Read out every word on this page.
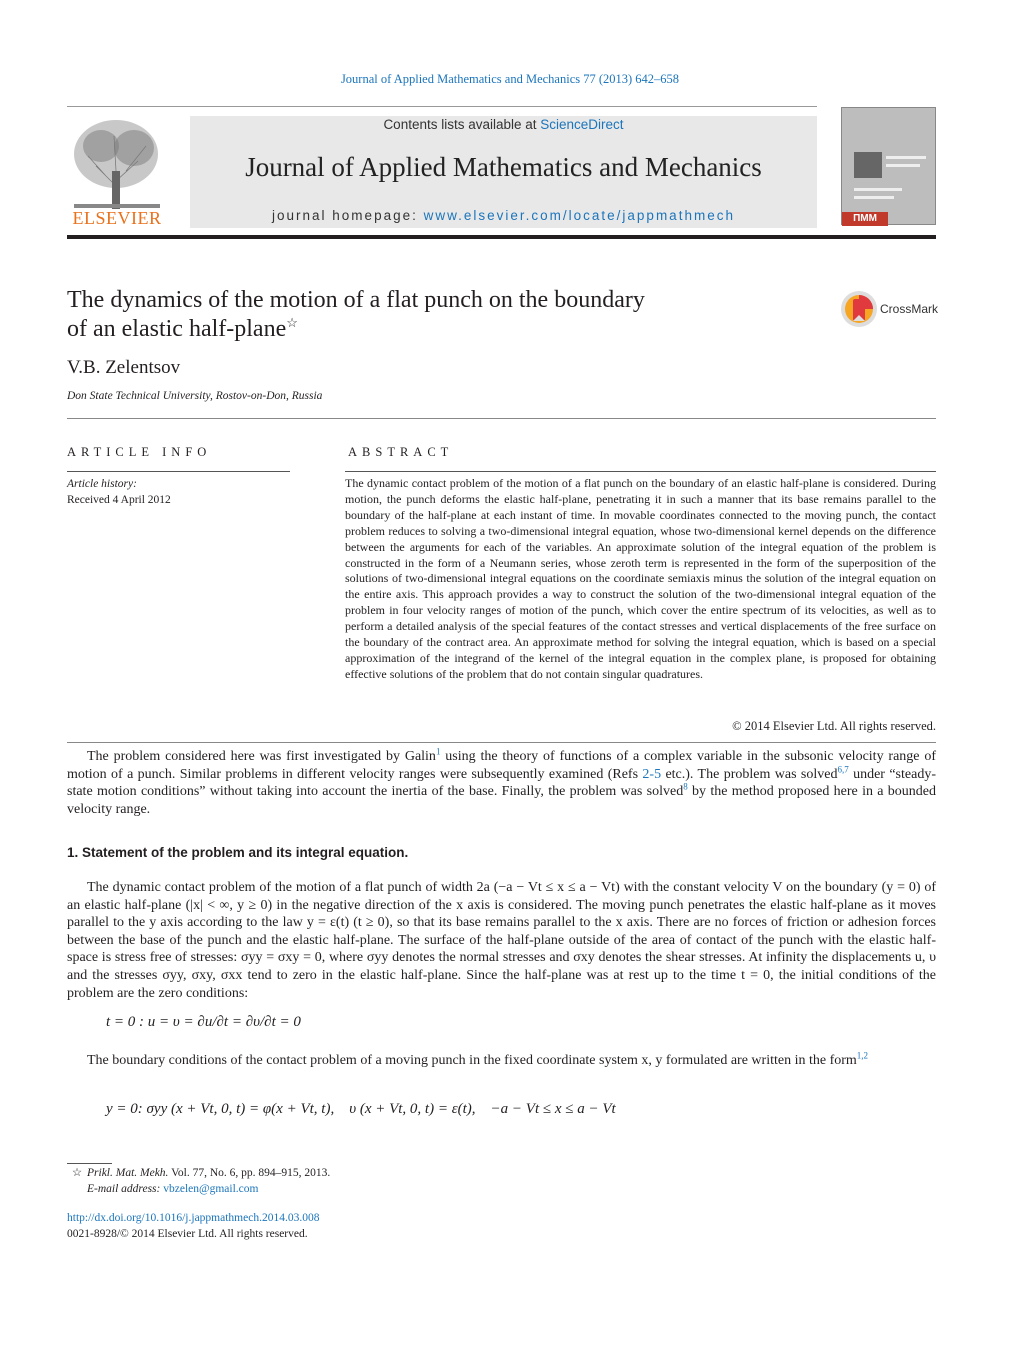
Journal of Applied Mathematics and Mechanics 77 (2013) 642–658
ELSEVIER
Contents lists available at ScienceDirect
Journal of Applied Mathematics and Mechanics
journal homepage: www.elsevier.com/locate/jappmathmech	ПММ
The dynamics of the motion of a flat punch on the boundary
of an elastic half-plane☆
CrossMark
V.B. Zelentsov
Don State Technical University, Rostov-on-Don, Russia
ARTICLE INFO	ABSTRACT
Article history:
Received 4 April 2012
The dynamic contact problem of the motion of a flat punch on the boundary of an elastic half-plane is considered. During motion, the punch deforms the elastic half-plane, penetrating it in such a manner that its base remains parallel to the boundary of the half-plane at each instant of time. In movable coordinates connected to the moving punch, the contact problem reduces to solving a two-dimensional integral equation, whose two-dimensional kernel depends on the difference between the arguments for each of the variables. An approximate solution of the integral equation of the problem is constructed in the form of a Neumann series, whose zeroth term is represented in the form of the superposition of the solutions of two-dimensional integral equations on the coordinate semiaxis minus the solution of the integral equation on the entire axis. This approach provides a way to construct the solution of the two-dimensional integral equation of the problem in four velocity ranges of motion of the punch, which cover the entire spectrum of its velocities, as well as to perform a detailed analysis of the special features of the contact stresses and vertical displacements of the free surface on the boundary of the contract area. An approximate method for solving the integral equation, which is based on a special approximation of the integrand of the kernel of the integral equation in the complex plane, is proposed for obtaining effective solutions of the problem that do not contain singular quadratures.
© 2014 Elsevier Ltd. All rights reserved.
The problem considered here was first investigated by Galin$^1$ using the theory of functions of a complex variable in the subsonic velocity range of motion of a punch. Similar problems in different velocity ranges were subsequently examined (Refs 2-5 etc.). The problem was solved$^{6,7}$ under “steady-state motion conditions” without taking into account the inertia of the base. Finally, the problem was solved$^8$ by the method proposed here in a bounded velocity range.
1. Statement of the problem and its integral equation.
The dynamic contact problem of the motion of a flat punch of width 2a (−a − Vt ≤ x ≤ a − Vt) with the constant velocity V on the boundary (y = 0) of an elastic half-plane (|x| < ∞, y ≥ 0) in the negative direction of the x axis is considered. The moving punch penetrates the elastic half-plane as it moves parallel to the y axis according to the law y = ε(t) (t ≥ 0), so that its base remains parallel to the x axis. There are no forces of friction or adhesion forces between the base of the punch and the elastic half-plane. The surface of the half-plane outside of the area of contact of the punch with the elastic half-space is stress free of stresses: σyy = σxy = 0, where σyy denotes the normal stresses and σxy denotes the shear stresses. At infinity the displacements u, υ and the stresses σyy, σxy, σxx tend to zero in the elastic half-plane. Since the half-plane was at rest up to the time t = 0, the initial conditions of the problem are the zero conditions:
t = 0 : u = υ = ∂u/∂t = ∂υ/∂t = 0
The boundary conditions of the contact problem of a moving punch in the fixed coordinate system x, y formulated are written in the form$^{1,2}$
y = 0: σyy (x + Vt, 0, t) = φ(x + Vt, t),    υ (x + Vt, 0, t) = ε(t),    −a − Vt ≤ x ≤ a − Vt
☆ Prikl. Mat. Mekh. Vol. 77, No. 6, pp. 894–915, 2013.
E-mail address: vbzelen@gmail.com
http://dx.doi.org/10.1016/j.jappmathmech.2014.03.008
0021-8928/© 2014 Elsevier Ltd. All rights reserved.
